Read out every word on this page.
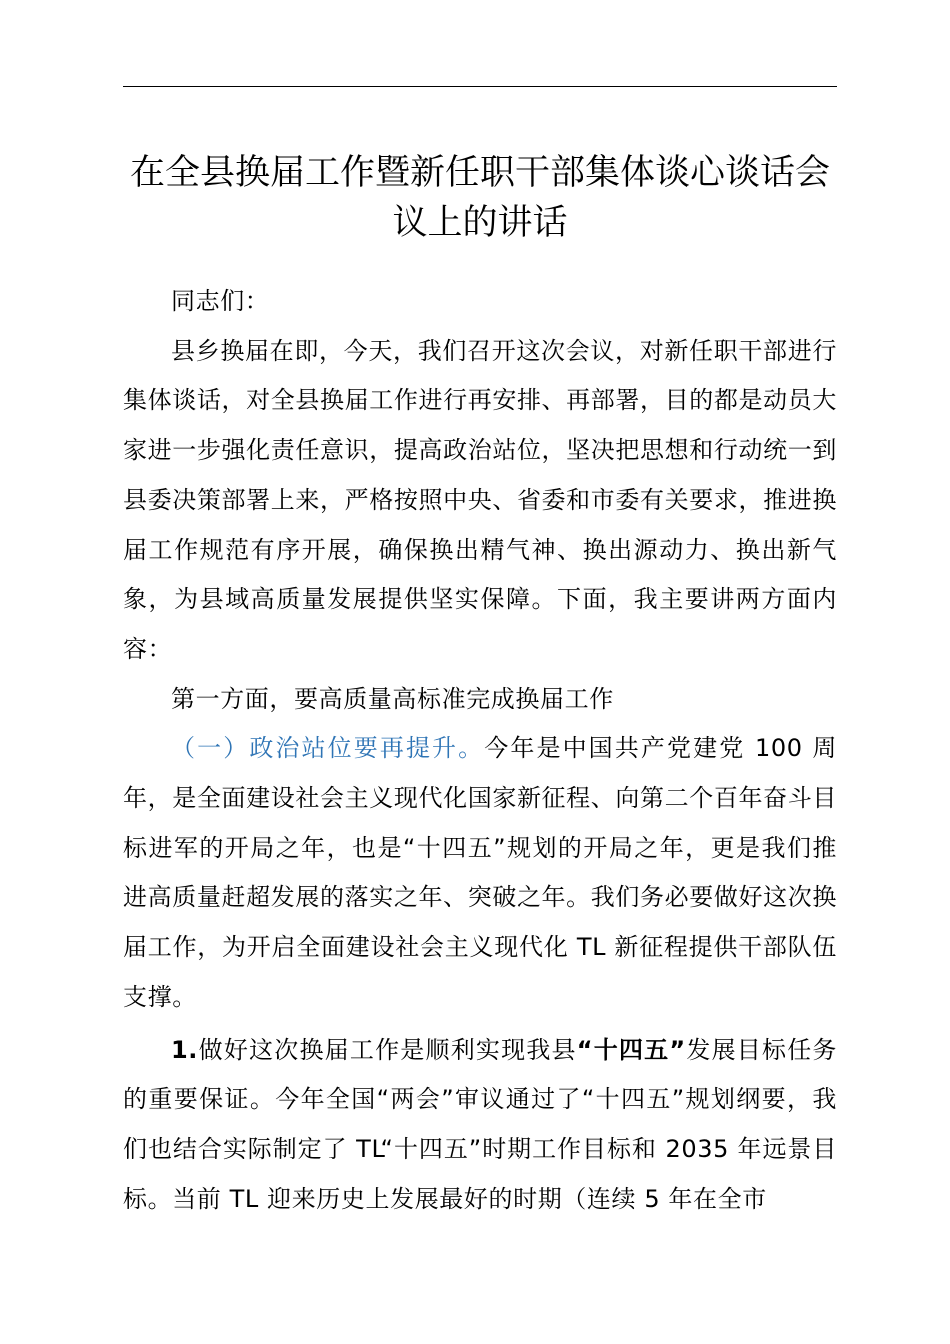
在全县换届工作暨新任职干部集体谈心谈话会
议上的讲话

同志们：

县乡换届在即，今天，我们召开这次会议，对新任职干部进行集体谈话，对全县换届工作进行再安排、再部署，目的都是动员大家进一步强化责任意识，提高政治站位，坚决把思想和行动统一到县委决策部署上来，严格按照中央、省委和市委有关要求，推进换届工作规范有序开展，确保换出精气神、换出源动力、换出新气象，为县域高质量发展提供坚实保障。下面，我主要讲两方面内容：

第一方面，要高质量高标准完成换届工作

（一）政治站位要再提升。今年是中国共产党建党 100 周年，是全面建设社会主义现代化国家新征程、向第二个百年奋斗目标进军的开局之年，也是“十四五”规划的开局之年，更是我们推进高质量赶超发展的落实之年、突破之年。我们务必要做好这次换届工作，为开启全面建设社会主义现代化 TL 新征程提供干部队伍支撑。

1.做好这次换届工作是顺利实现我县“十四五”发展目标任务的重要保证。今年全国“两会”审议通过了“十四五”规划纲要，我们也结合实际制定了 TL“十四五”时期工作目标和 2035 年远景目标。当前 TL 迎来历史上发展最好的时期（连续 5 年在全市
